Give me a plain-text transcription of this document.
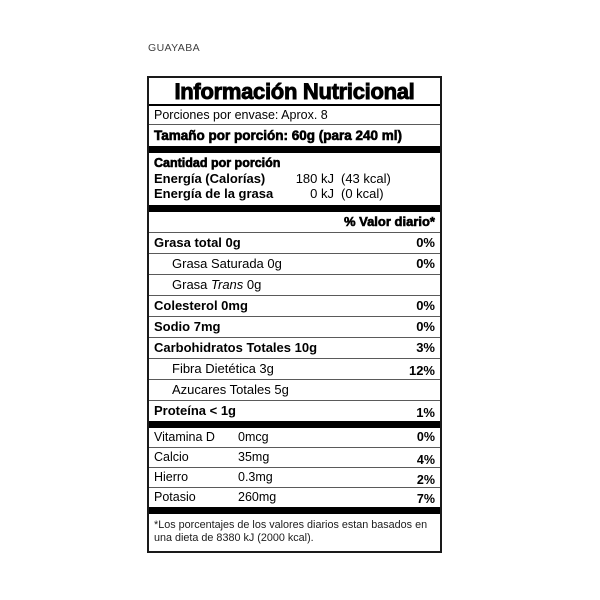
GUAYABA
Información Nutricional
Porciones por envase: Aprox. 8
Tamaño por porción: 60g (para 240 ml)
Cantidad por porción
Energía (Calorías)	180 kJ (43 kcal)
Energía de la grasa	0 kJ (0 kcal)
% Valor diario*
Grasa total 0g	0%
Grasa Saturada 0g	0%
Grasa Trans 0g
Colesterol 0mg	0%
Sodio 7mg	0%
Carbohidratos Totales 10g	3%
Fibra Dietética 3g	12%
Azucares Totales 5g
Proteína < 1g	1%
Vitamina D	0mcg	0%
Calcio	35mg	4%
Hierro	0.3mg	2%
Potasio	260mg	7%
*Los porcentajes de los valores diarios estan basados en una dieta de 8380 kJ (2000 kcal).
